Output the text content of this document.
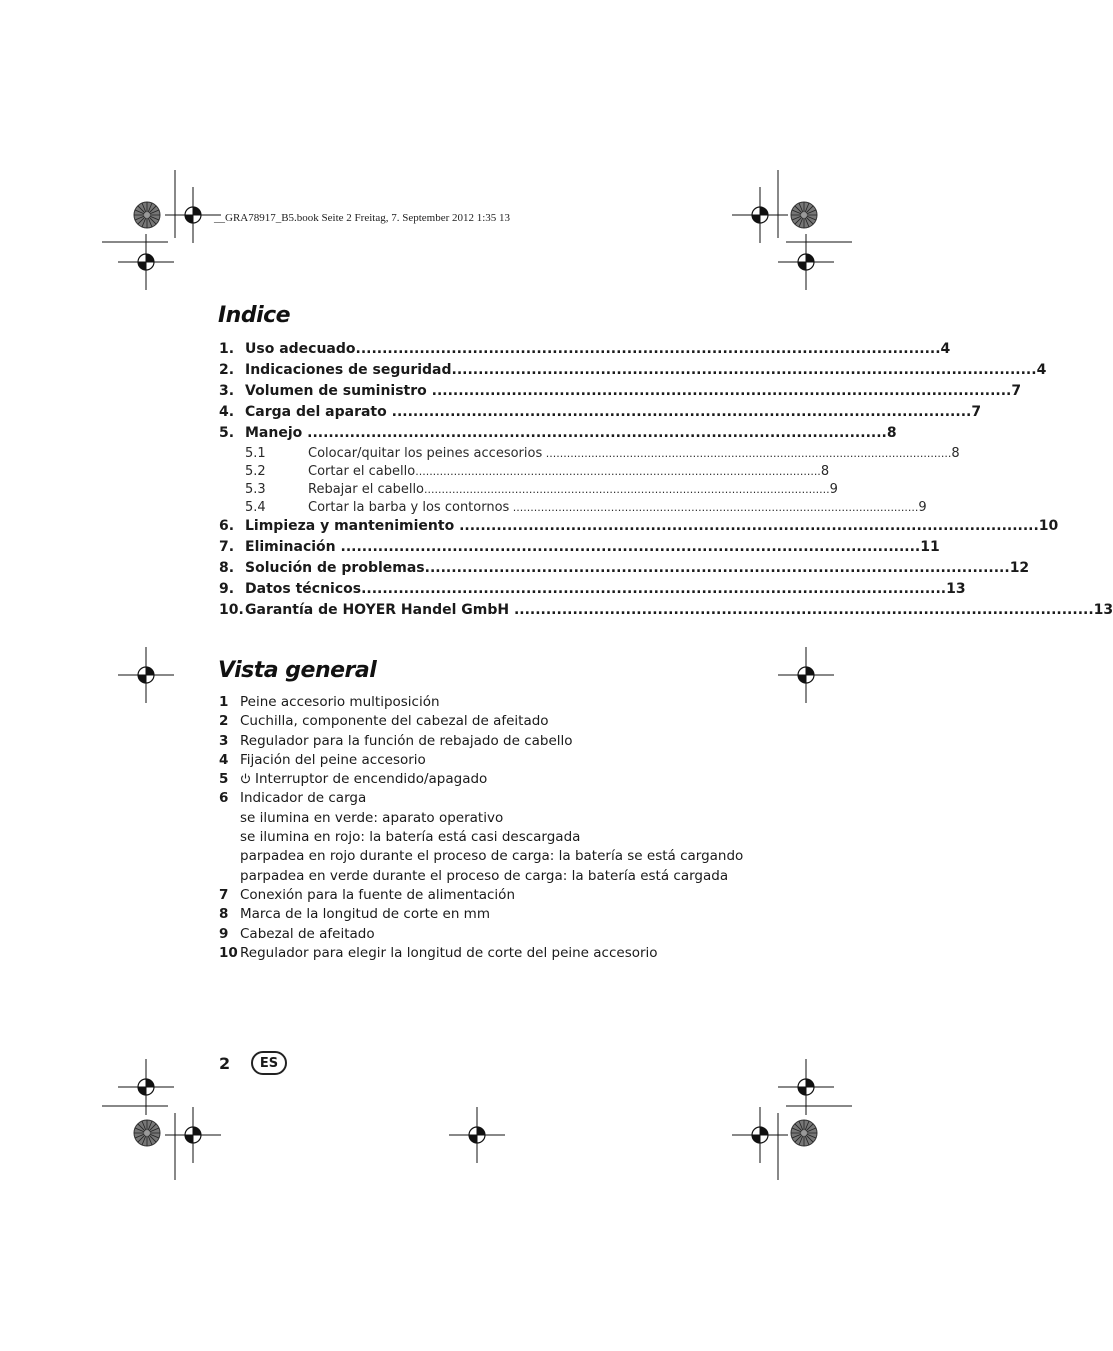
__GRA78917_B5.book Seite 2 Freitag, 7. September 2012 1:35 13
Indice
1. Uso adecuado .............................................................................................................. 4
2. Indicaciones de seguridad .............................................................................................................. 4
3. Volumen de suministro ............................................................................................................. 7
4. Carga del aparato ............................................................................................................. 7
5. Manejo ............................................................................................................. 8
5.1	Colocar/quitar los peines accesorios .................................................................................................................... 8
5.2	Cortar el cabello .................................................................................................................... 8
5.3	Rebajar el cabello .................................................................................................................... 9
5.4	Cortar la barba y los contornos .................................................................................................................... 9
6. Limpieza y mantenimiento ............................................................................................................. 10
7. Eliminación ............................................................................................................. 11
8. Solución de problemas .............................................................................................................. 12
9. Datos técnicos .............................................................................................................. 13
10. Garantía de HOYER Handel GmbH ............................................................................................................. 13
Vista general
1 Peine accesorio multiposición
2 Cuchilla, componente del cabezal de afeitado
3 Regulador para la función de rebajado de cabello
4 Fijación del peine accesorio
5	Interruptor de encendido/apagado
6 Indicador de carga
se ilumina en verde: aparato operativo
se ilumina en rojo: la batería está casi descargada
parpadea en rojo durante el proceso de carga: la batería se está cargando
parpadea en verde durante el proceso de carga: la batería está cargada
7 Conexión para la fuente de alimentación
8 Marca de la longitud de corte en mm
9 Cabezal de afeitado
10 Regulador para elegir la longitud de corte del peine accesorio
2	ES
